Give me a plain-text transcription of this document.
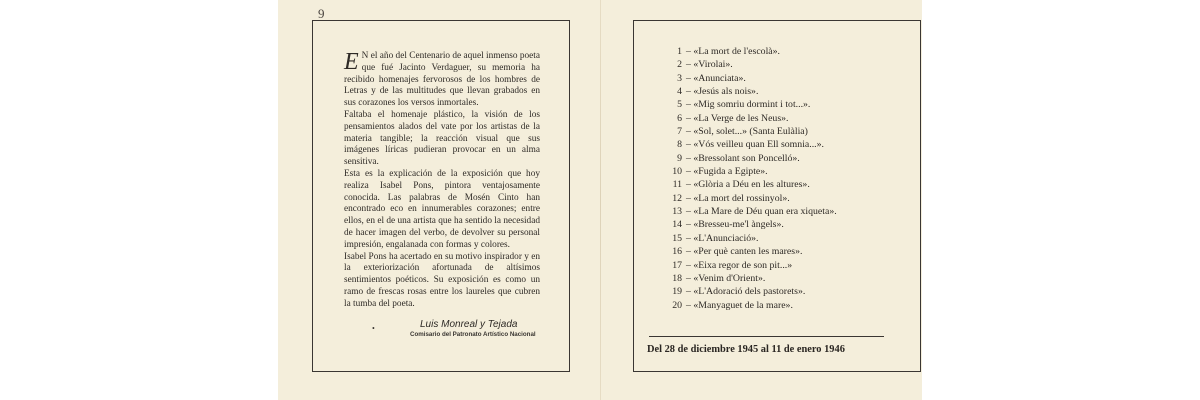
9

E N el año del Centenario de aquel inmenso poeta que fué Jacinto Verdaguer, su memoria ha recibido homenajes fervorosos de los hombres de Letras y de las multitudes que llevan grabados en sus corazones los versos inmortales.

Faltaba el homenaje plástico, la visión de los pensamientos alados del vate por los artistas de la materia tangible; la reacción visual que sus imágenes líricas pudieran provocar en un alma sensitiva.

Esta es la explicación de la exposición que hoy realiza Isabel Pons, pintora ventajosamente conocida. Las palabras de Mosén Cinto han encontrado eco en innumerables corazones; entre ellos, en el de una artista que ha sentido la necesidad de hacer imagen del verbo, de devolver su personal impresión, engalanada con formas y colores.

Isabel Pons ha acertado en su motivo inspirador y en la exteriorización afortunada de altísimos sentimientos poéticos. Su exposición es como un ramo de frescas rosas entre los laureles que cubren la tumba del poeta.

•	Luis Monreal y Tejada
Comisario del Patronato Artístico Nacional
1 – «La mort de l'escolà».
2 – «Virolai».
3 – «Anunciata».
4 – «Jesús als nois».
5 – «Mig somriu dormint i tot...».
6 – «La Verge de les Neus».
7 – «Sol, solet...» (Santa Eulàlia)
8 – «Vós veilleu quan Ell somnia...».
9 – «Bressolant son Poncelló».
10 – «Fugida a Egipte».
11 – «Glòria a Déu en les altures».
12 – «La mort del rossinyol».
13 – «La Mare de Déu quan era xiqueta».
14 – «Bresseu-me'l àngels».
15 – «L'Anunciació».
16 – «Per què canten les mares».
17 – «Eixa regor de son pit...»
18 – «Venim d'Orient».
19 – «L'Adoració dels pastorets».
20 – «Manyaguet de la mare».
Del 28 de diciembre 1945 al 11 de enero 1946
